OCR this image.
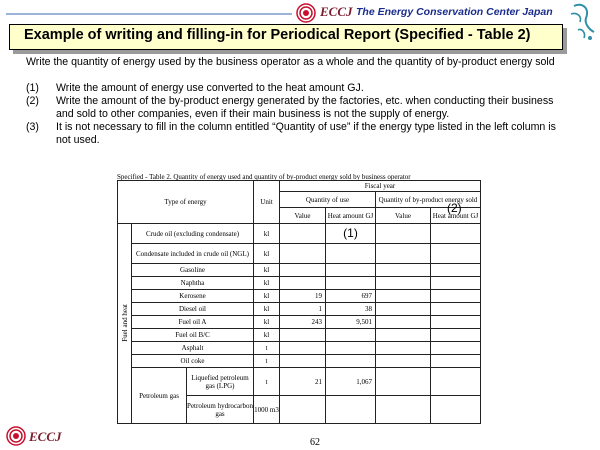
ECCJ The Energy Conservation Center Japan
Example of writing and filling-in for Periodical Report (Specified - Table 2)
Write the quantity of energy used by the business operator as a whole and the quantity of by-product energy sold
(1) Write the amount of energy use converted to the heat amount GJ.
(2) Write the amount of the by-product energy generated by the factories, etc. when conducting their business and sold to other companies, even if their main business is not the supply of energy.
(3) It is not necessary to fill in the column entitled “Quantity of use” if the energy type listed in the left column is not used.
Specified - Table 2. Quantity of energy used and quantity of by-product energy sold by business operator
Type of energy			Unit	Fiscal year			
				Quantity of use		Quantity of by-product energy sold	
				Value	Heat amount GJ	Value	Heat amount GJ
Fuel and heat	Crude oil (excluding condensate)		kl		(1)		
	Condensate included in crude oil (NGL)		kl				
	Gasoline		kl				
	Naphtha		kl				
	Kerosene		kl	19	697		
	Diesel oil		kl	1	38		
	Fuel oil A		kl	243	9,501		
	Fuel oil B/C		kl				
	Asphalt		t				
	Oil coke		t				
	Petroleum gas	Liquefied petroleum gas (LPG)	t	21	1,067		
		Petroleum hydrocarbon gas	1000 m3				
(2)
ECCJ	62
